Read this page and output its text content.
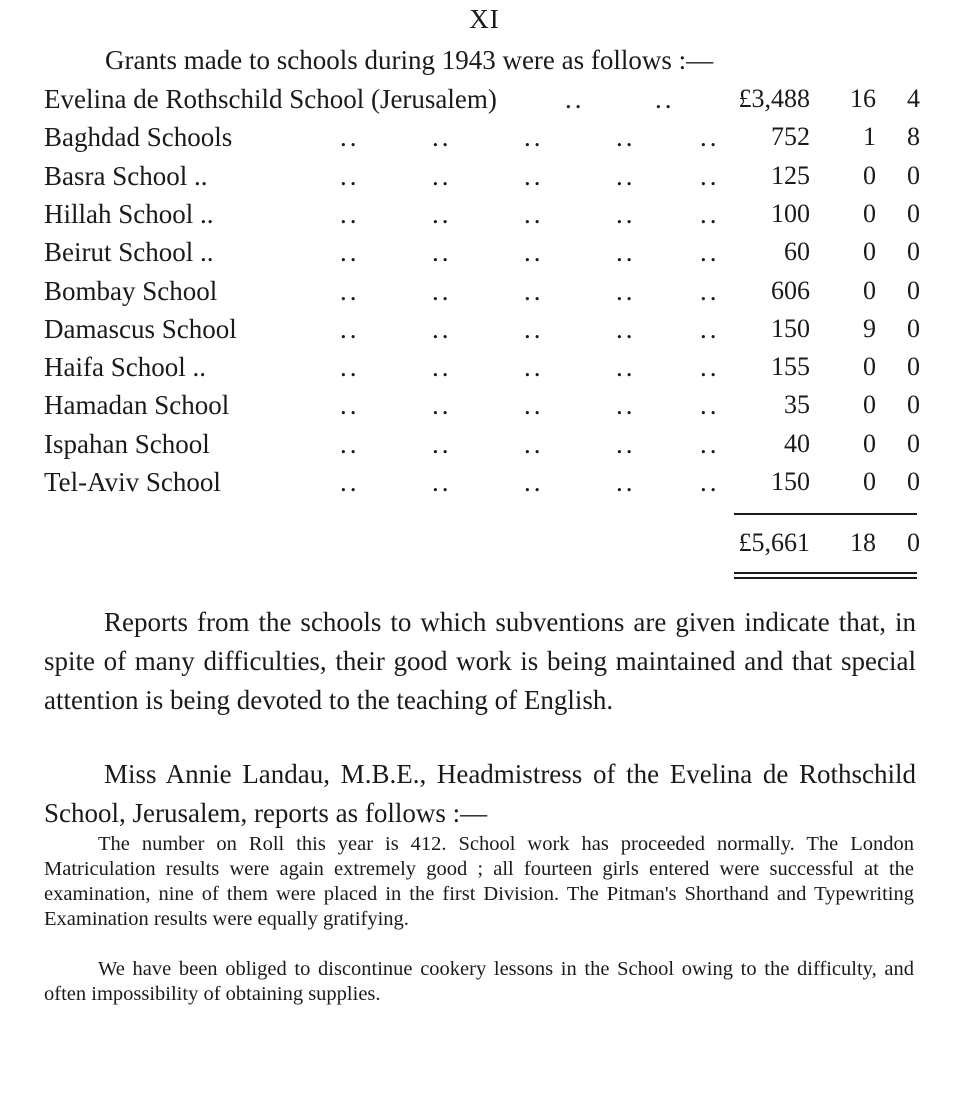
XI
Grants made to schools during 1943 were as follows :—
Evelina de Rothschild School (Jerusalem)	..	..	£3,488	16	4
Baghdad Schools	..	..	..	.. ..	752	1	8
Basra School ..	..	..	..	.. ..	125	0	0
Hillah School ..	..	..	..	.. ..	100	0	0
Beirut School ..	..	..	..	.. ..	60	0	0
Bombay School	..	..	..	.. ..	606	0	0
Damascus School	..	..	..	.. ..	150	9	0
Haifa School ..	..	..	..	.. ..	155	0	0
Hamadan School	..	..	..	.. ..	35	0	0
Ispahan School	..	..	..	.. ..	40	0	0
Tel-Aviv School	..	..	..	.. ..	150	0	0
£5,661	18	0
Reports from the schools to which subventions are given indicate that, in spite of many difficulties, their good work is being maintained and that special attention is being devoted to the teaching of English.
Miss Annie Landau, M.B.E., Headmistress of the Evelina de Rothschild School, Jerusalem, reports as follows :—
The number on Roll this year is 412. School work has proceeded normally. The London Matriculation results were again extremely good ; all fourteen girls entered were successful at the examination, nine of them were placed in the first Division. The Pitman's Shorthand and Typewriting Examination results were equally gratifying.
We have been obliged to discontinue cookery lessons in the School owing to the difficulty, and often impossibility of obtaining supplies.
